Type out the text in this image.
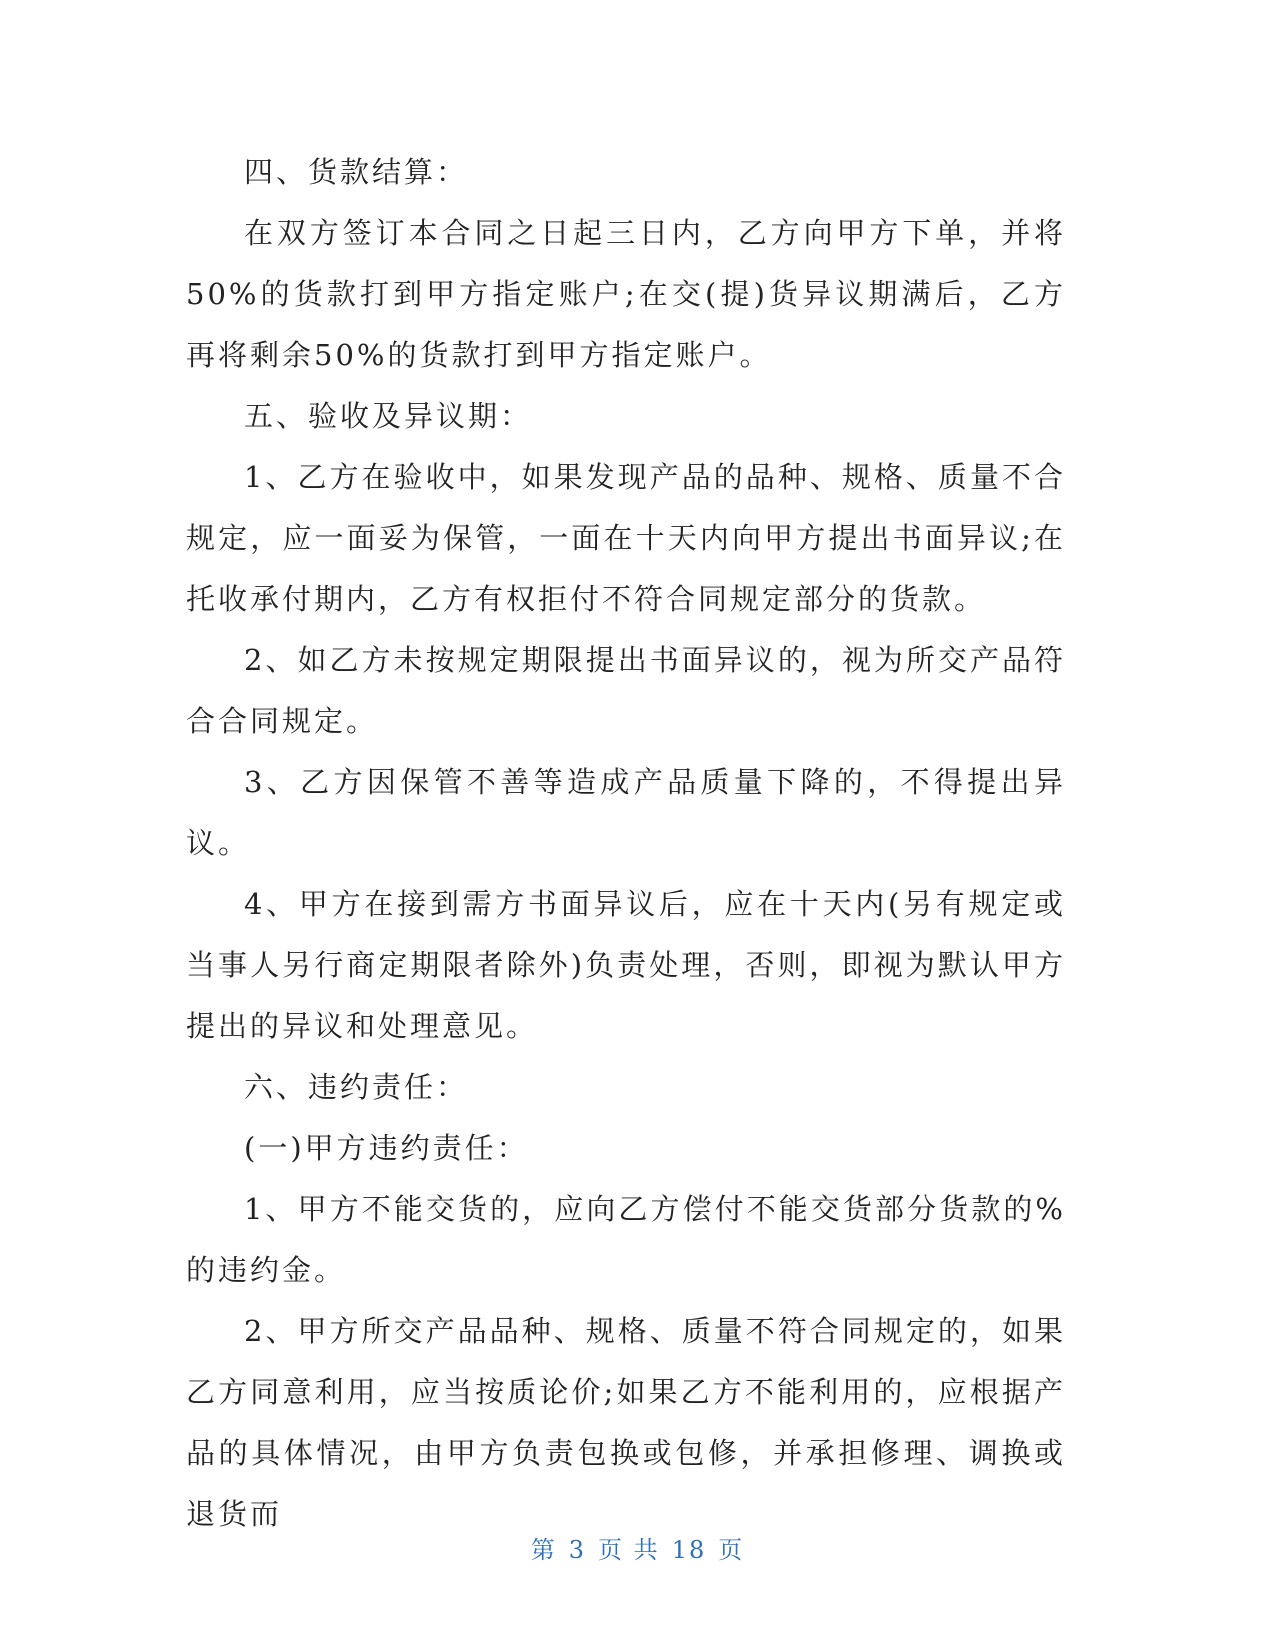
四、货款结算：

在双方签订本合同之日起三日内，乙方向甲方下单，并将50%的货款打到甲方指定账户;在交(提)货异议期满后，乙方再将剩余50%的货款打到甲方指定账户。

五、验收及异议期：

1、乙方在验收中，如果发现产品的品种、规格、质量不合规定，应一面妥为保管，一面在十天内向甲方提出书面异议;在托收承付期内，乙方有权拒付不符合同规定部分的货款。

2、如乙方未按规定期限提出书面异议的，视为所交产品符合合同规定。

3、乙方因保管不善等造成产品质量下降的，不得提出异议。

4、甲方在接到需方书面异议后，应在十天内(另有规定或当事人另行商定期限者除外)负责处理，否则，即视为默认甲方提出的异议和处理意见。

六、违约责任：

(一)甲方违约责任：

1、甲方不能交货的，应向乙方偿付不能交货部分货款的%的违约金。

2、甲方所交产品品种、规格、质量不符合同规定的，如果乙方同意利用，应当按质论价;如果乙方不能利用的，应根据产品的具体情况，由甲方负责包换或包修，并承担修理、调换或退货而

第 3 页 共 18 页
